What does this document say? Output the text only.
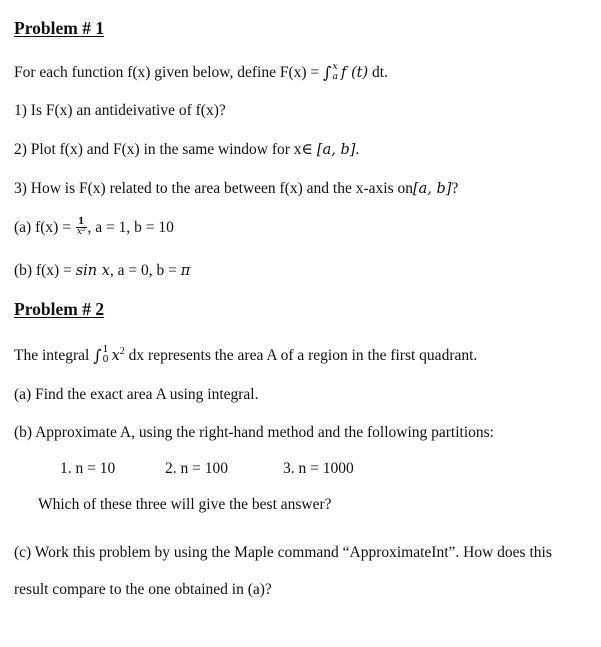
Problem # 1
For each function f(x) given below, define F(x) = ∫ x
a f (t) dt.
1) Is F(x) an antideivative of f(x)?
2) Plot f(x) and F(x) in the same window for x∈ [a, b].
3) How is F(x) related to the area between f(x) and the x-axis on[a, b]?
(a) $f(x) = \frac{1}{\text{x²}}$ , a = 1, b = 10
(b) f(x) = sin x, a = 0, b = π
Problem # 2
The integral ∫ 1
0 $x^2$ dx represents the area A of a region in the first quadrant.
(a) Find the exact area A using integral.
(b) Approximate A, using the right-hand method and the following partitions:
1. n = 10	2. n = 100	3. n = 1000
Which of these three will give the best answer?
(c) Work this problem by using the Maple command “ApproximateInt”. How does this
result compare to the one obtained in (a)?
